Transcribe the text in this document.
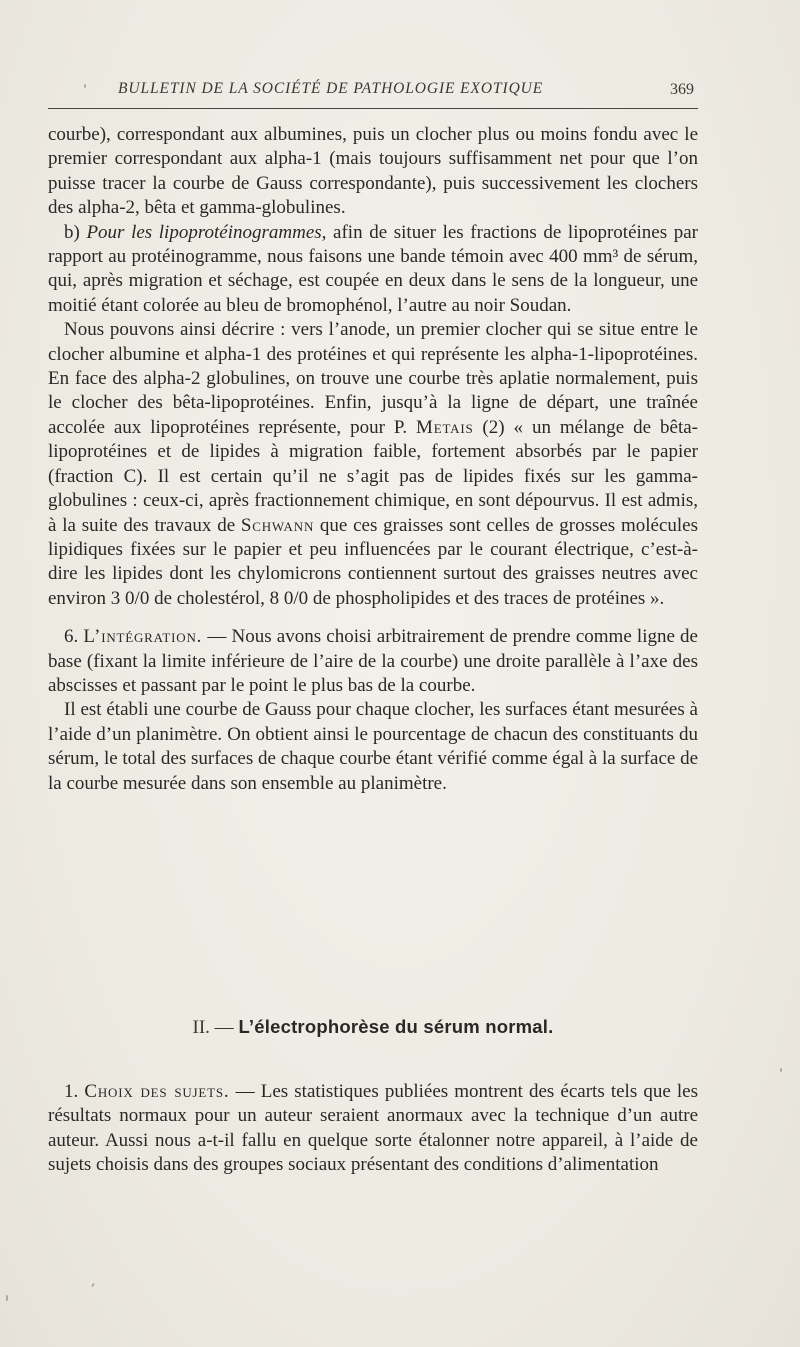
BULLETIN DE LA SOCIÉTÉ DE PATHOLOGIE EXOTIQUE	369

courbe), correspondant aux albumines, puis un clocher plus ou moins fondu avec le premier correspondant aux alpha-1 (mais toujours suffisamment net pour que l’on puisse tracer la courbe de Gauss correspondante), puis successivement les clochers des alpha-2, bêta et gamma-globulines.

b) Pour les lipoprotéinogrammes, afin de situer les fractions de lipoprotéines par rapport au protéinogramme, nous faisons une bande témoin avec 400 mm³ de sérum, qui, après migration et séchage, est coupée en deux dans le sens de la longueur, une moitié étant colorée au bleu de bromophénol, l’autre au noir Soudan.

Nous pouvons ainsi décrire : vers l’anode, un premier clocher qui se situe entre le clocher albumine et alpha-1 des protéines et qui représente les alpha-1-lipoprotéines. En face des alpha-2 globulines, on trouve une courbe très aplatie normalement, puis le clocher des bêta-lipoprotéines. Enfin, jusqu’à la ligne de départ, une traînée accolée aux lipoprotéines représente, pour P. Metais (2) « un mélange de bêta-lipoprotéines et de lipides à migration faible, fortement absorbés par le papier (fraction C). Il est certain qu’il ne s’agit pas de lipides fixés sur les gamma-globulines : ceux-ci, après fractionnement chimique, en sont dépourvus. Il est admis, à la suite des travaux de Schwann que ces graisses sont celles de grosses molécules lipidiques fixées sur le papier et peu influencées par le courant électrique, c’est-à-dire les lipides dont les chylomicrons contiennent surtout des graisses neutres avec environ 3 0/0 de cholestérol, 8 0/0 de phospholipides et des traces de protéines ».

6. L’intégration. — Nous avons choisi arbitrairement de prendre comme ligne de base (fixant la limite inférieure de l’aire de la courbe) une droite parallèle à l’axe des abscisses et passant par le point le plus bas de la courbe.

Il est établi une courbe de Gauss pour chaque clocher, les surfaces étant mesurées à l’aide d’un planimètre. On obtient ainsi le pourcentage de chacun des constituants du sérum, le total des surfaces de chaque courbe étant vérifié comme égal à la surface de la courbe mesurée dans son ensemble au planimètre.

II. — L’électrophorèse du sérum normal.

1. Choix des sujets. — Les statistiques publiées montrent des écarts tels que les résultats normaux pour un auteur seraient anormaux avec la technique d’un autre auteur. Aussi nous a-t-il fallu en quelque sorte étalonner notre appareil, à l’aide de sujets choisis dans des groupes sociaux présentant des conditions d’alimentation
